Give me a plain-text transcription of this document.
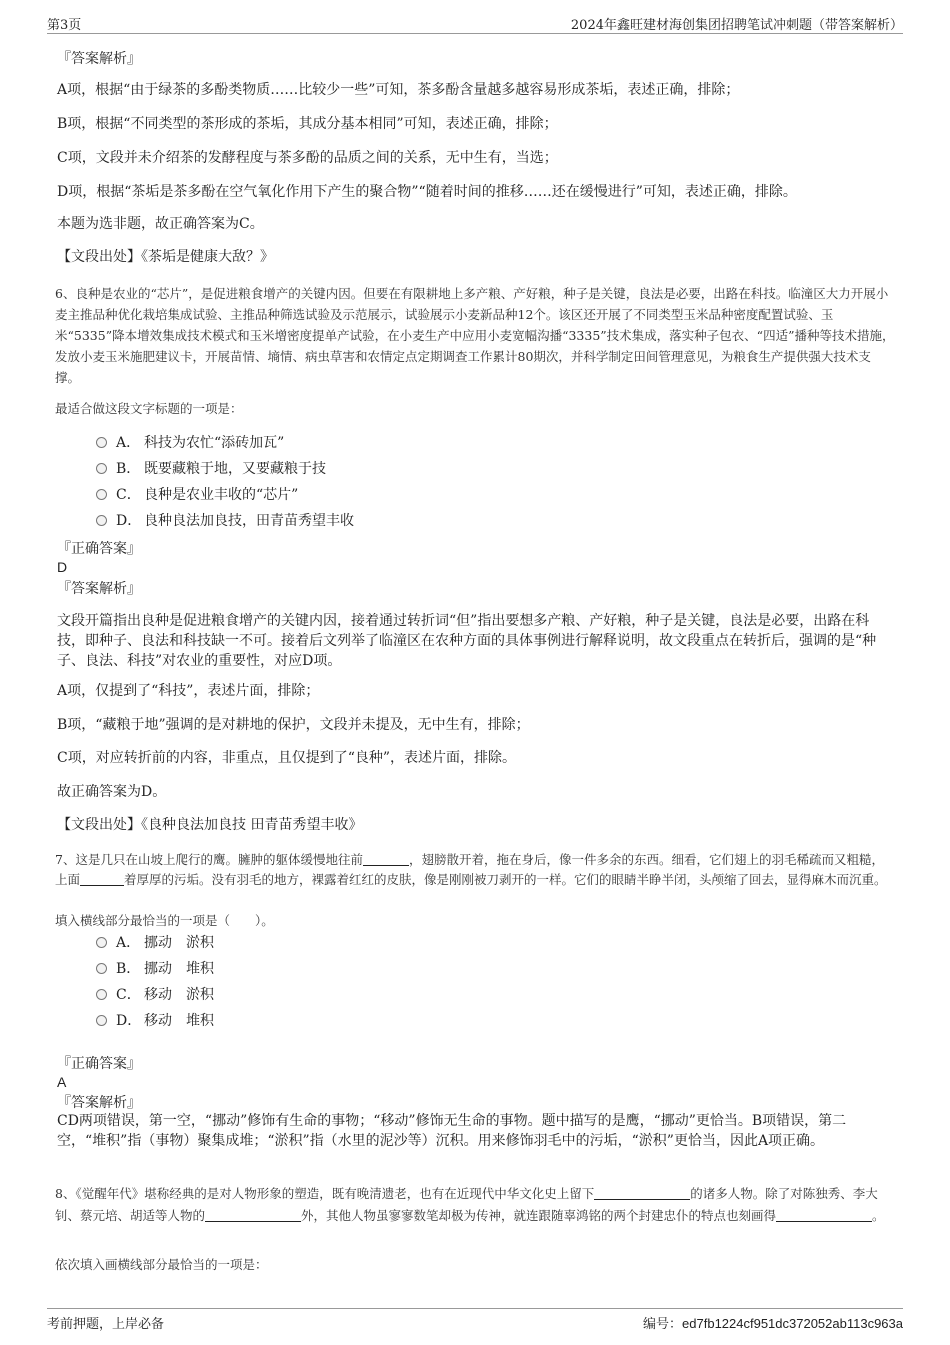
第3页	2024年鑫旺建材海创集团招聘笔试冲刺题（带答案解析）
『答案解析』
A项，根据“由于绿茶的多酚类物质……比较少一些”可知，茶多酚含量越多越容易形成茶垢，表述正确，排除；
B项，根据“不同类型的茶形成的茶垢，其成分基本相同”可知，表述正确，排除；
C项，文段并未介绍茶的发酵程度与茶多酚的品质之间的关系，无中生有，当选；
D项，根据“茶垢是茶多酚在空气氧化作用下产生的聚合物”“随着时间的推移……还在缓慢进行”可知，表述正确，排除。
本题为选非题，故正确答案为C。
【文段出处】《茶垢是健康大敌？》
6、良种是农业的“芯片”，是促进粮食增产的关键内因。但要在有限耕地上多产粮、产好粮，种子是关键，良法是必要，出路在科技。临潼区大力开展小麦主推品种优化栽培集成试验、主推品种筛选试验及示范展示，试验展示小麦新品种12个。该区还开展了不同类型玉米品种密度配置试验、玉米“5335”降本增效集成技术模式和玉米增密度提单产试验，在小麦生产中应用小麦宽幅沟播“3335”技术集成，落实种子包衣、“四适”播种等技术措施，发放小麦玉米施肥建议卡，开展苗情、墒情、病虫草害和农情定点定期调查工作累计80期次，并科学制定田间管理意见，为粮食生产提供强大技术支撑。
最适合做这段文字标题的一项是：
A． 科技为农忙“添砖加瓦”
B． 既要藏粮于地，又要藏粮于技
C． 良种是农业丰收的“芯片”
D． 良种良法加良技，田青苗秀望丰收
『正确答案』
D
『答案解析』
文段开篇指出良种是促进粮食增产的关键内因，接着通过转折词“但”指出要想多产粮、产好粮，种子是关键，良法是必要，出路在科技，即种子、良法和科技缺一不可。接着后文列举了临潼区在农种方面的具体事例进行解释说明，故文段重点在转折后，强调的是“种子、良法、科技”对农业的重要性，对应D项。
A项，仅提到了“科技”，表述片面，排除；
B项，“藏粮于地”强调的是对耕地的保护，文段并未提及，无中生有，排除；
C项，对应转折前的内容，非重点，且仅提到了“良种”，表述片面，排除。
故正确答案为D。
【文段出处】《良种良法加良技 田青苗秀望丰收》
7、这是几只在山坡上爬行的鹰。臃肿的躯体缓慢地往前	，翅膀散开着，拖在身后，像一件多余的东西。细看，它们翅上的羽毛稀疏而又粗糙，上面	着厚厚的污垢。没有羽毛的地方，裸露着红红的皮肤，像是刚刚被刀剥开的一样。它们的眼睛半睁半闭，头颅缩了回去，显得麻木而沉重。
填入横线部分最恰当的一项是（　　）。
A． 挪动　淤积
B． 挪动　堆积
C． 移动　淤积
D． 移动　堆积
『正确答案』
A
『答案解析』
CD两项错误，第一空，“挪动”修饰有生命的事物；“移动”修饰无生命的事物。题中描写的是鹰，“挪动”更恰当。B项错误，第二空，“堆积”指（事物）聚集成堆；“淤积”指（水里的泥沙等）沉积。用来修饰羽毛中的污垢，“淤积”更恰当，因此A项正确。
8、《觉醒年代》堪称经典的是对人物形象的塑造，既有晚清遗老，也有在近现代中华文化史上留下	的诸多人物。除了对陈独秀、李大钊、蔡元培、胡适等人物的	外，其他人物虽寥寥数笔却极为传神，就连跟随辜鸿铭的两个封建忠仆的特点也刻画得	。
依次填入画横线部分最恰当的一项是：
考前押题，上岸必备	编号：ed7fb1224cf951dc372052ab113c963a
